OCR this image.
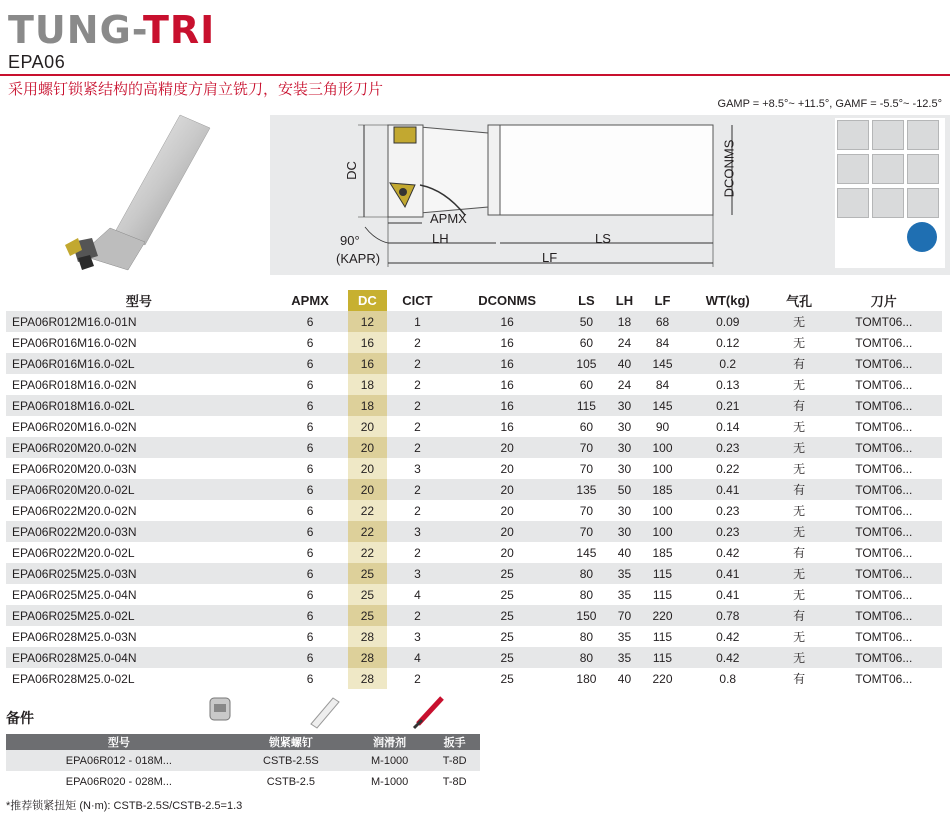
TUNG-TRI
EPA06
采用螺钉锁紧结构的高精度方肩立铣刀，安装三角形刀片
GAMP = +8.5°~ +11.5°, GAMF = -5.5°~ -12.5°
DC	DCONMS
APMX
LH	LS
LF
90°
(KAPR)
型号	APMX	DC	CICT	DCONMS	LS	LH	LF	WT(kg)	气孔	刀片
EPA06R012M16.0-01N	6	12	1	16	50	18	68	0.09	无	TOMT06...
EPA06R016M16.0-02N	6	16	2	16	60	24	84	0.12	无	TOMT06...
EPA06R016M16.0-02L	6	16	2	16	105	40	145	0.2	有	TOMT06...
EPA06R018M16.0-02N	6	18	2	16	60	24	84	0.13	无	TOMT06...
EPA06R018M16.0-02L	6	18	2	16	115	30	145	0.21	有	TOMT06...
EPA06R020M16.0-02N	6	20	2	16	60	30	90	0.14	无	TOMT06...
EPA06R020M20.0-02N	6	20	2	20	70	30	100	0.23	无	TOMT06...
EPA06R020M20.0-03N	6	20	3	20	70	30	100	0.22	无	TOMT06...
EPA06R020M20.0-02L	6	20	2	20	135	50	185	0.41	有	TOMT06...
EPA06R022M20.0-02N	6	22	2	20	70	30	100	0.23	无	TOMT06...
EPA06R022M20.0-03N	6	22	3	20	70	30	100	0.23	无	TOMT06...
EPA06R022M20.0-02L	6	22	2	20	145	40	185	0.42	有	TOMT06...
EPA06R025M25.0-03N	6	25	3	25	80	35	115	0.41	无	TOMT06...
EPA06R025M25.0-04N	6	25	4	25	80	35	115	0.41	无	TOMT06...
EPA06R025M25.0-02L	6	25	2	25	150	70	220	0.78	有	TOMT06...
EPA06R028M25.0-03N	6	28	3	25	80	35	115	0.42	无	TOMT06...
EPA06R028M25.0-04N	6	28	4	25	80	35	115	0.42	无	TOMT06...
EPA06R028M25.0-02L	6	28	2	25	180	40	220	0.8	有	TOMT06...
备件
型号	锁紧螺钉	润滑剂	扳手
EPA06R012 - 018M...	CSTB-2.5S	M-1000	T-8D
EPA06R020 - 028M...	CSTB-2.5	M-1000	T-8D
*推荐锁紧扭矩 (N·m): CSTB-2.5S/CSTB-2.5=1.3
